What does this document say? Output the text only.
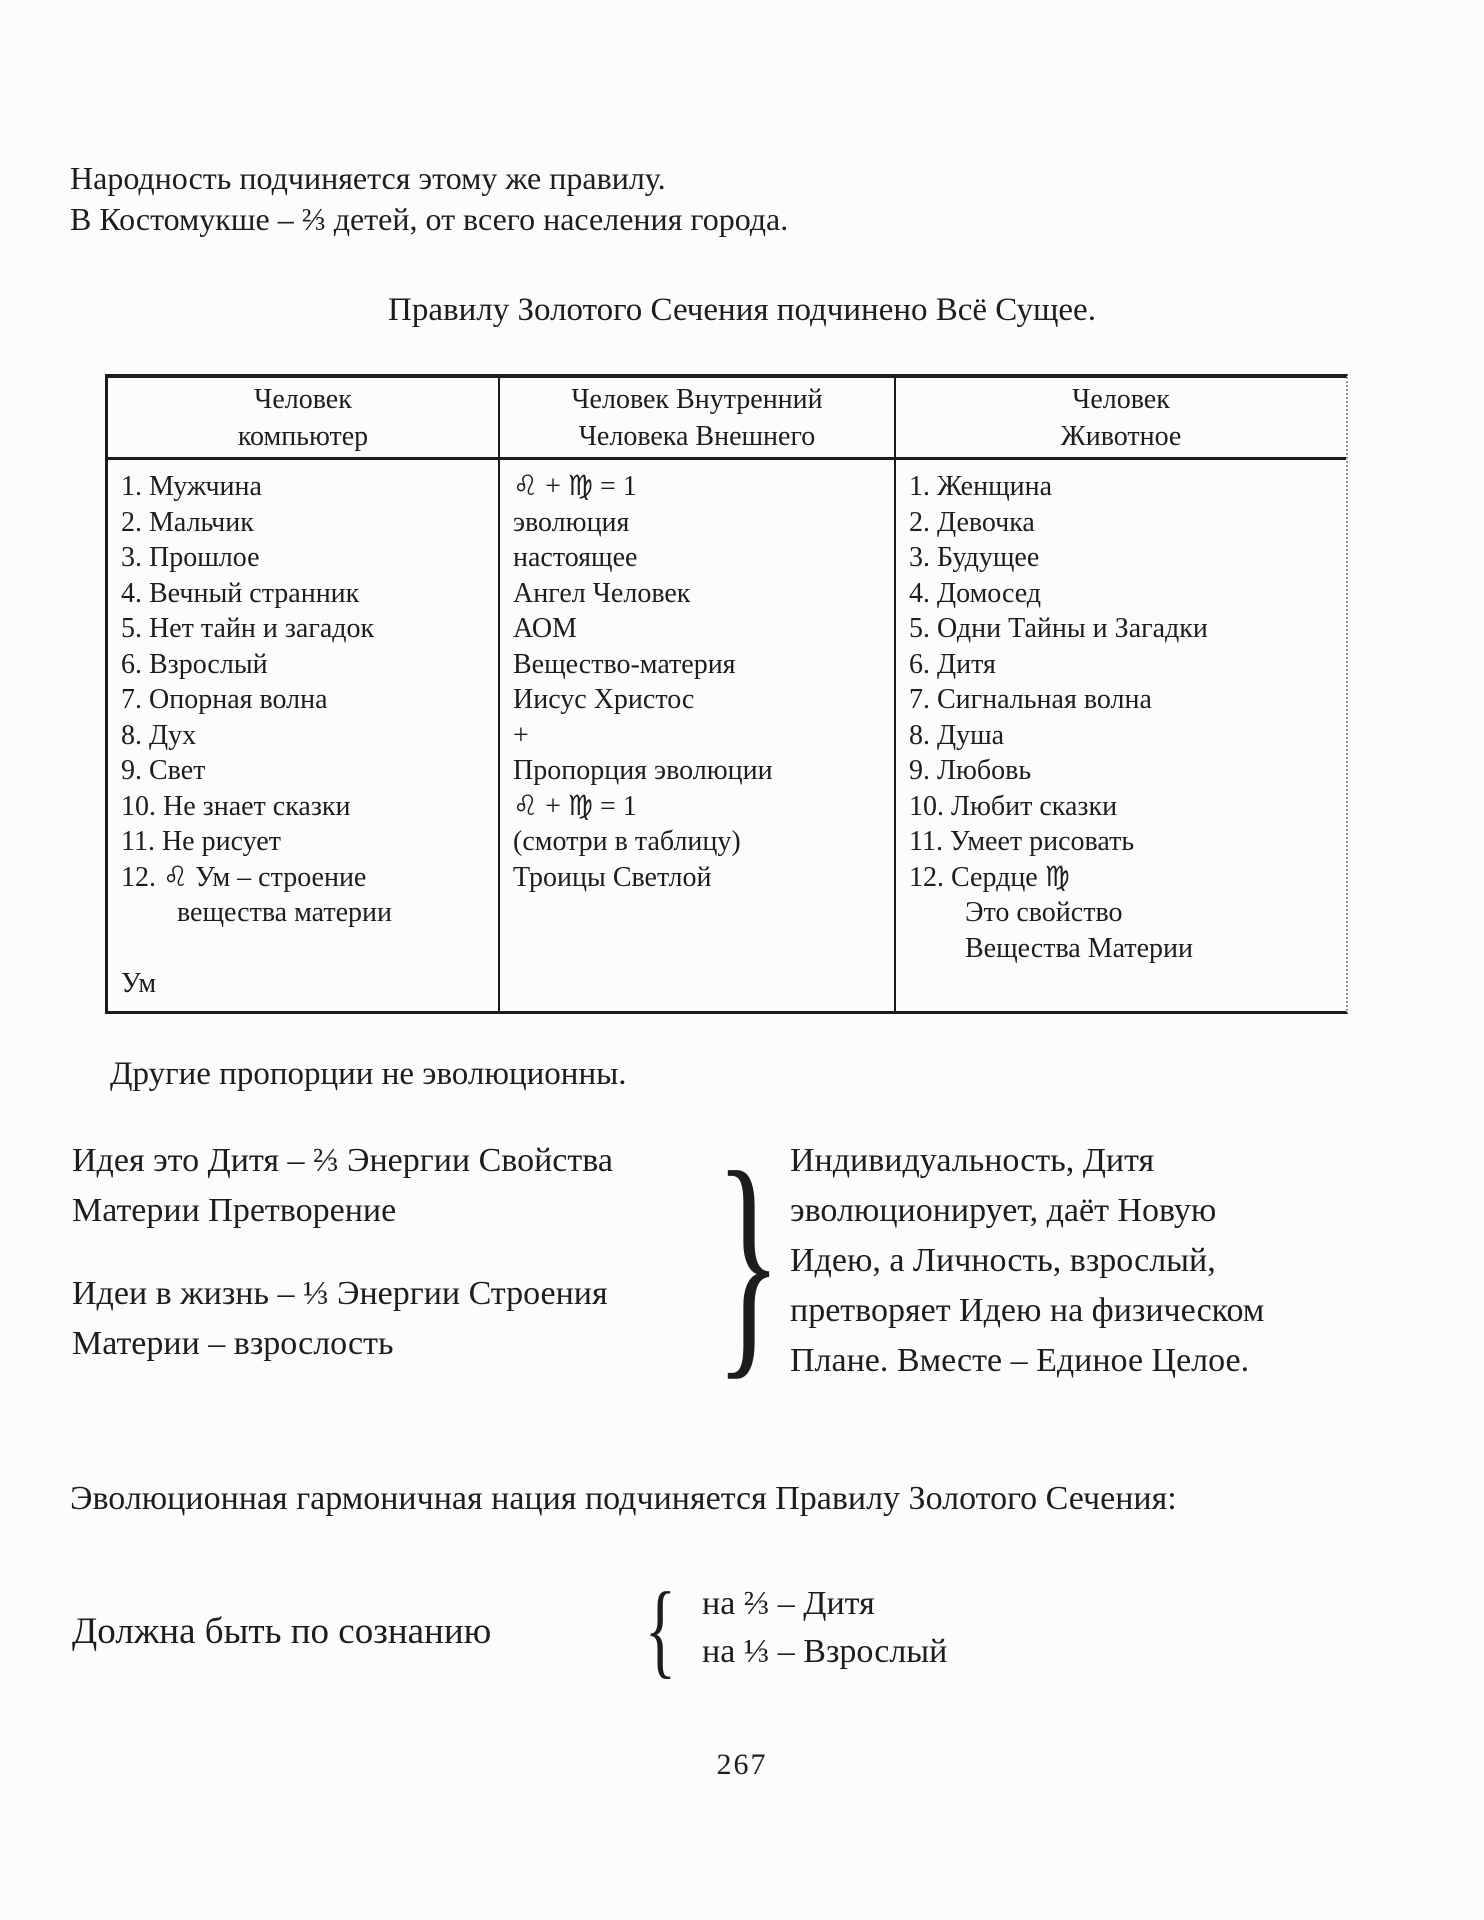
Народность подчиняется этому же правилу.
В Костомукше – ⅔ детей, от всего населения города.
Правилу Золотого Сечения подчинено Всё Сущее.
Человек
компьютер
1. Мужчина
2. Мальчик
3. Прошлое
4. Вечный странник
5. Нет тайн и загадок
6. Взрослый
7. Опорная волна
8. Дух
9. Свет
10. Не знает сказки
11. Не рисует
12. ♌ Ум – строение
  вещества материи

Ум
Человек Внутренний
Человека Внешнего
♌ + ♍ = 1
эволюция
настоящее
Ангел Человек
АОМ
Вещество-материя
Иисус Христос
+
Пропорция эволюции
♌ + ♍ = 1
(смотри в таблицу)
Троицы Светлой
Человек
Животное
1. Женщина
2. Девочка
3. Будущее
4. Домосед
5. Одни Тайны и Загадки
6. Дитя
7. Сигнальная волна
8. Душа
9. Любовь
10. Любит сказки
11. Умеет рисовать
12. Сердце ♍
  Это свойство
  Вещества Материи
Другие пропорции не эволюционны.
Идея это Дитя – ⅔ Энергии Свойства
Материи Претворение
Идеи в жизнь – ⅓ Энергии Строения
Материи – взрослость	} Индивидуальность, Дитя
эволюционирует, даёт Новую
Идею, а Личность, взрослый,
претворяет Идею на физическом
Плане. Вместе – Единое Целое.
Эволюционная гармоничная нация подчиняется Правилу Золотого Сечения:
Должна быть по сознанию { на ⅔ – Дитя
на ⅓ – Взрослый
267
